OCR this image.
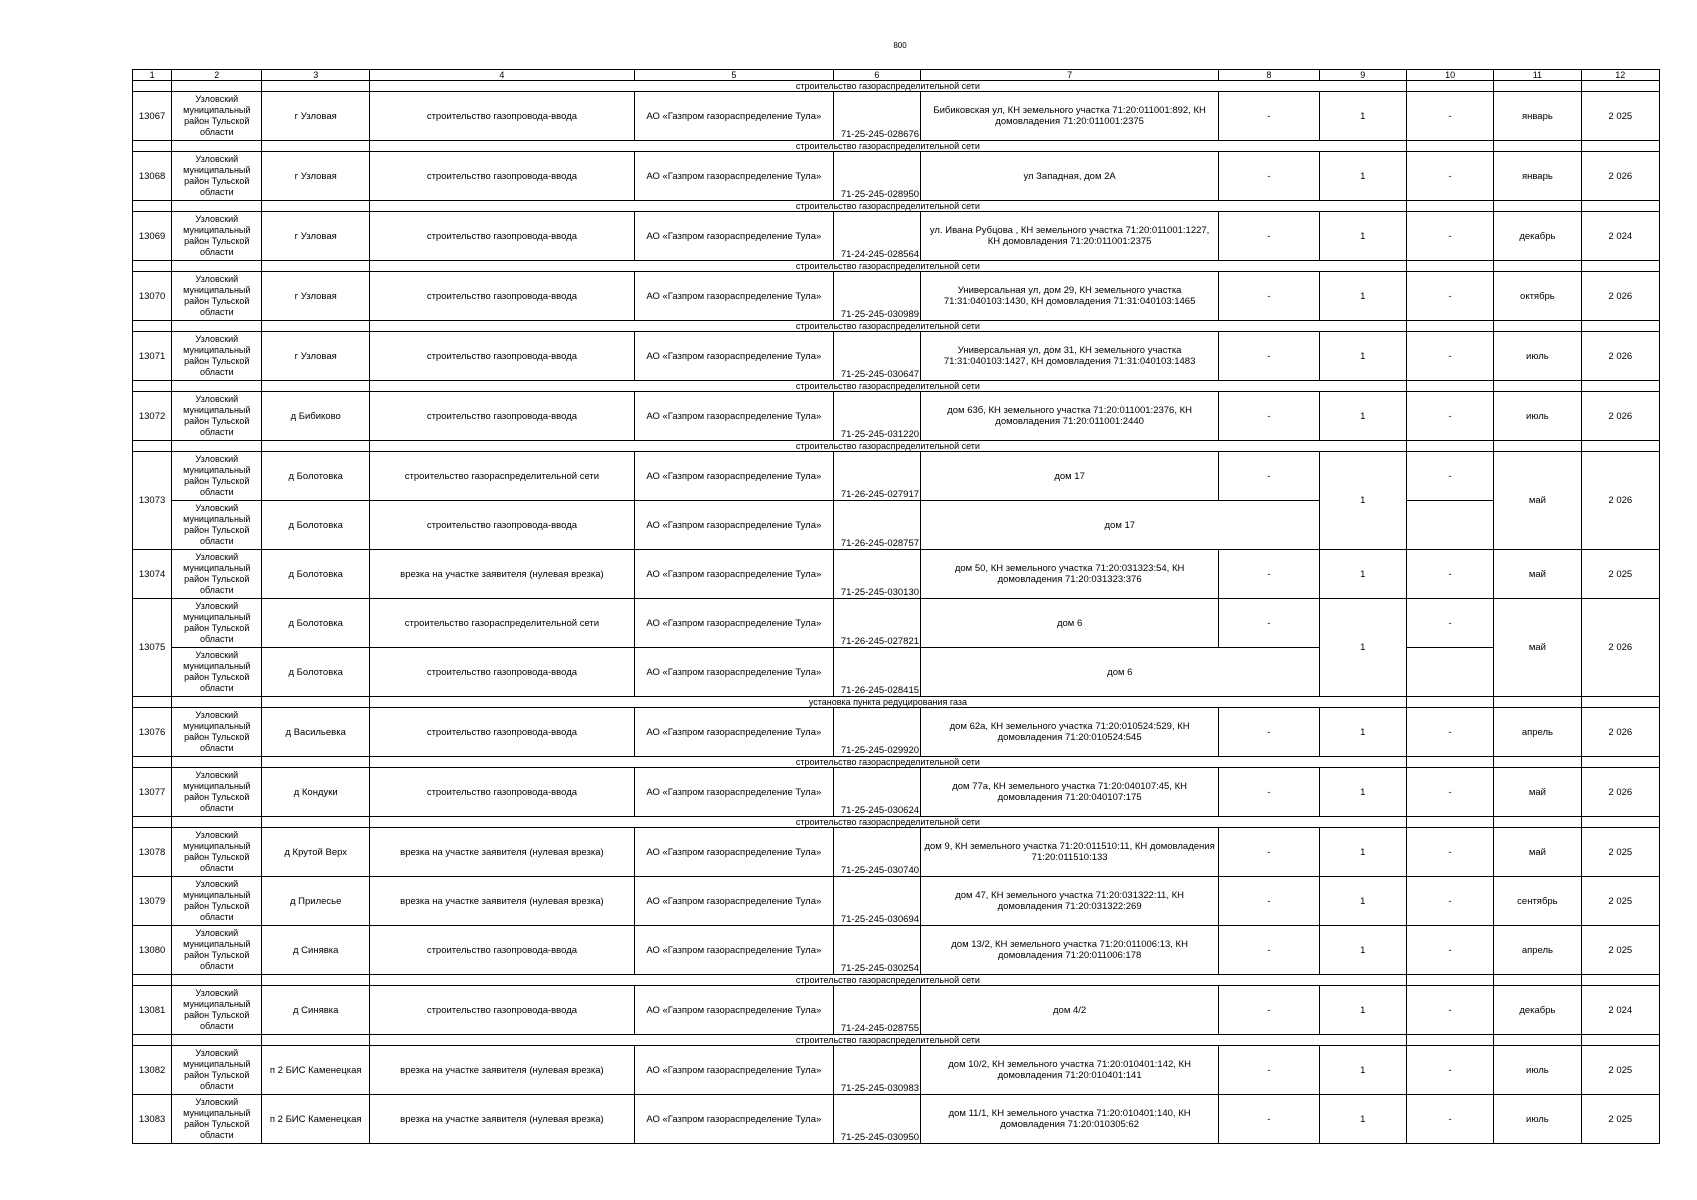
800
1	2	3	4	5	6	7	8	9	10	11	12
			строительство газораспределительной сети								
13067	Узловский муниципальный район Тульской области	г Узловая	строительство газопровода-ввода	АО «Газпром газораспределение Тула»	71-25-245-028676	Бибиковская ул, КН земельного участка 71:20:011001:892, КН домовладения 71:20:011001:2375	-	1	-	январь	2 025
			строительство газораспределительной сети								
13068	Узловский муниципальный район Тульской области	г Узловая	строительство газопровода-ввода	АО «Газпром газораспределение Тула»	71-25-245-028950	ул Западная, дом 2А	-	1	-	январь	2 026
			строительство газораспределительной сети								
13069	Узловский муниципальный район Тульской области	г Узловая	строительство газопровода-ввода	АО «Газпром газораспределение Тула»	71-24-245-028564	ул. Ивана Рубцова , КН земельного участка 71:20:011001:1227, КН домовладения 71:20:011001:2375	-	1	-	декабрь	2 024
			строительство газораспределительной сети								
13070	Узловский муниципальный район Тульской области	г Узловая	строительство газопровода-ввода	АО «Газпром газораспределение Тула»	71-25-245-030989	Универсальная ул, дом 29, КН земельного участка 71:31:040103:1430, КН домовладения 71:31:040103:1465	-	1	-	октябрь	2 026
			строительство газораспределительной сети								
13071	Узловский муниципальный район Тульской области	г Узловая	строительство газопровода-ввода	АО «Газпром газораспределение Тула»	71-25-245-030647	Универсальная ул, дом 31, КН земельного участка 71:31:040103:1427, КН домовладения 71:31:040103:1483	-	1	-	июль	2 026
			строительство газораспределительной сети								
13072	Узловский муниципальный район Тульской области	д Бибиково	строительство газопровода-ввода	АО «Газпром газораспределение Тула»	71-25-245-031220	дом 63б, КН земельного участка 71:20:011001:2376, КН домовладения 71:20:011001:2440	-	1	-	июль	2 026
			строительство газораспределительной сети								
13073	Узловский муниципальный район Тульской области	д Болотовка	строительство газораспределительной сети	АО «Газпром газораспределение Тула»	71-26-245-027917	дом 17	-	1	-	май	2 026
	Узловский муниципальный район Тульской области	д Болотовка	строительство газопровода-ввода	АО «Газпром газораспределение Тула»	71-26-245-028757	дом 17					
13074	Узловский муниципальный район Тульской области	д Болотовка	врезка на участке заявителя (нулевая врезка)	АО «Газпром газораспределение Тула»	71-25-245-030130	дом 50, КН земельного участка 71:20:031323:54, КН домовладения 71:20:031323:376	-	1	-	май	2 025
13075	Узловский муниципальный район Тульской области	д Болотовка	строительство газораспределительной сети	АО «Газпром газораспределение Тула»	71-26-245-027821	дом 6	-	1	-	май	2 026
	Узловский муниципальный район Тульской области	д Болотовка	строительство газопровода-ввода	АО «Газпром газораспределение Тула»	71-26-245-028415	дом 6					
			установка пункта редуцирования газа								
13076	Узловский муниципальный район Тульской области	д Васильевка	строительство газопровода-ввода	АО «Газпром газораспределение Тула»	71-25-245-029920	дом 62а, КН земельного участка 71:20:010524:529, КН домовладения 71:20:010524:545	-	1	-	апрель	2 026
			строительство газораспределительной сети								
13077	Узловский муниципальный район Тульской области	д Кондуки	строительство газопровода-ввода	АО «Газпром газораспределение Тула»	71-25-245-030624	дом 77а, КН земельного участка 71:20:040107:45, КН домовладения 71:20:040107:175	-	1	-	май	2 026
			строительство газораспределительной сети								
13078	Узловский муниципальный район Тульской области	д Крутой Верх	врезка на участке заявителя (нулевая врезка)	АО «Газпром газораспределение Тула»	71-25-245-030740	дом 9, КН земельного участка 71:20:011510:11, КН домовладения 71:20:011510:133	-	1	-	май	2 025
13079	Узловский муниципальный район Тульской области	д Прилесье	врезка на участке заявителя (нулевая врезка)	АО «Газпром газораспределение Тула»	71-25-245-030694	дом 47, КН земельного участка 71:20:031322:11, КН домовладения 71:20:031322:269	-	1	-	сентябрь	2 025
13080	Узловский муниципальный район Тульской области	д Синявка	строительство газопровода-ввода	АО «Газпром газораспределение Тула»	71-25-245-030254	дом 13/2, КН земельного участка 71:20:011006:13, КН домовладения 71:20:011006:178	-	1	-	апрель	2 025
			строительство газораспределительной сети								
13081	Узловский муниципальный район Тульской области	д Синявка	строительство газопровода-ввода	АО «Газпром газораспределение Тула»	71-24-245-028755	дом 4/2	-	1	-	декабрь	2 024
			строительство газораспределительной сети								
13082	Узловский муниципальный район Тульской области	п 2 БИС Каменецкая	врезка на участке заявителя (нулевая врезка)	АО «Газпром газораспределение Тула»	71-25-245-030983	дом 10/2, КН земельного участка 71:20:010401:142, КН домовладения 71:20:010401:141	-	1	-	июль	2 025
13083	Узловский муниципальный район Тульской области	п 2 БИС Каменецкая	врезка на участке заявителя (нулевая врезка)	АО «Газпром газораспределение Тула»	71-25-245-030950	дом 11/1, КН земельного участка 71:20:010401:140, КН домовладения 71:20:010305:62	-	1	-	июль	2 025
